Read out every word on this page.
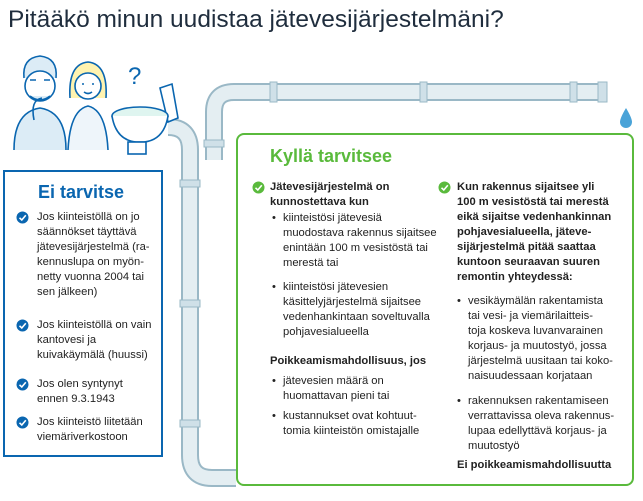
Pitääkö minun uudistaa jätevesijärjestelmäni?
?
Ei tarvitse
Jos kiinteistöllä on jo
säännökset täyttävä
jätevesijärjestelmä (ra-
kennuslupa on myön-
netty vuonna 2004 tai
sen jälkeen)
Jos kiinteistöllä on vain
kantovesi ja
kuivakäymälä (huussi)
Jos olen syntynyt
ennen 9.3.1943
Jos kiinteistö liitetään
viemäriverkostoon
Kyllä tarvitsee
Jätevesijärjestelmä on
kunnostettava kun
• kiinteistösi jätevesiä
muodostava rakennus sijaitsee
enintään 100 m vesistöstä tai
merestä tai
• kiinteistösi jätevesien
käsittelyjärjestelmä sijaitsee
vedenhankintaan soveltuvalla
pohjavesialueella
Poikkeamismahdollisuus, jos
• jätevesien määrä on
huomattavan pieni tai
• kustannukset ovat kohtuut-
tomia kiinteistön omistajalle
Kun rakennus sijaitsee yli
100 m vesistöstä tai merestä
eikä sijaitse vedenhankinnan
pohjavesialueella, jäteve-
sijärjestelmä pitää saattaa
kuntoon seuraavan suuren
remontin yhteydessä:
• vesikäymälän rakentamista
tai vesi- ja viemärilaitteis-
toja koskeva luvanvarainen
korjaus- ja muutostyö, jossa
järjestelmä uusitaan tai koko-
naisuudessaan korjataan
• rakennuksen rakentamiseen
verrattavissa oleva rakennus-
lupaa edellyttävä korjaus- ja
muutostyö
Ei poikkeamismahdollisuutta
